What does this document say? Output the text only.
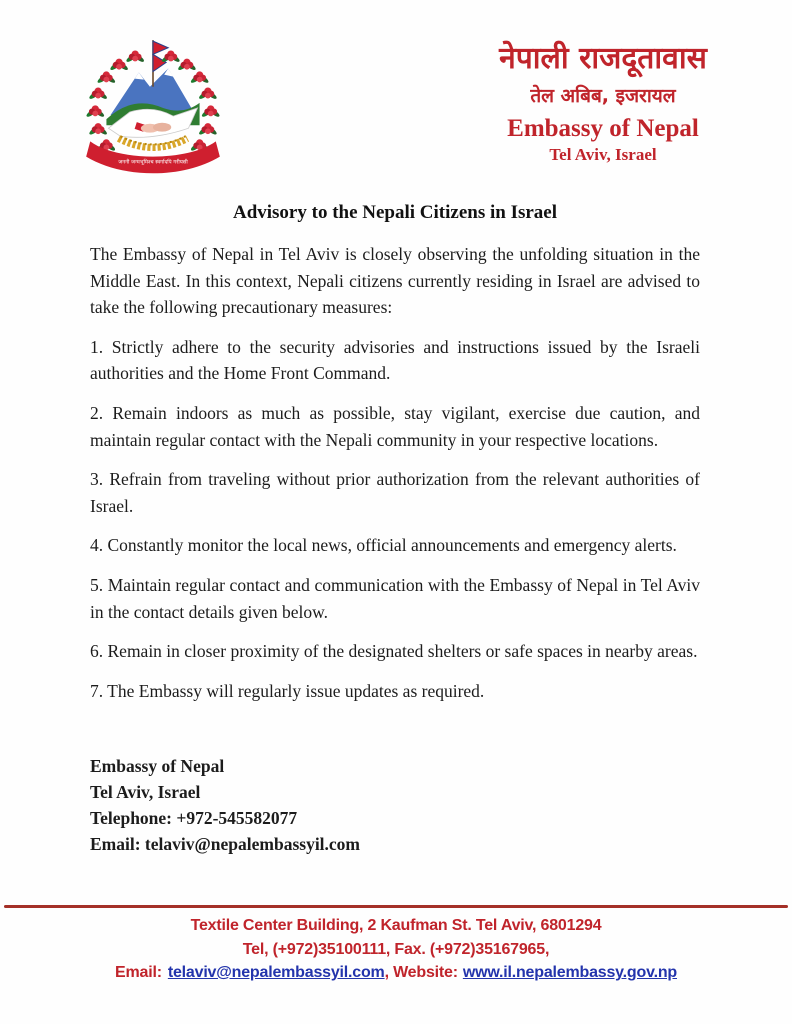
जननी जन्मभूमिश्च स्वर्गादपि गरीयसी
नेपाली राजदूतावास
तेल अबिब, इजरायल
Embassy of Nepal
Tel Aviv, Israel
Advisory to the Nepali Citizens in Israel

The Embassy of Nepal in Tel Aviv is closely observing the unfolding situation in the Middle East. In this context, Nepali citizens currently residing in Israel are advised to take the following precautionary measures:

1. Strictly adhere to the security advisories and instructions issued by the Israeli authorities and the Home Front Command.

2. Remain indoors as much as possible, stay vigilant, exercise due caution, and maintain regular contact with the Nepali community in your respective locations.

3. Refrain from traveling without prior authorization from the relevant authorities of Israel.

4. Constantly monitor the local news, official announcements and emergency alerts.

5. Maintain regular contact and communication with the Embassy of Nepal in Tel Aviv in the contact details given below.

6. Remain in closer proximity of the designated shelters or safe spaces in nearby areas.

7. The Embassy will regularly issue updates as required.

Embassy of Nepal
Tel Aviv, Israel
Telephone: +972-545582077
Email: telaviv@nepalembassyil.com
Textile Center Building, 2 Kaufman St. Tel Aviv, 6801294
Tel, (+972)35100111, Fax. (+972)35167965,
Email: telaviv@nepalembassyil.com, Website: www.il.nepalembassy.gov.np
